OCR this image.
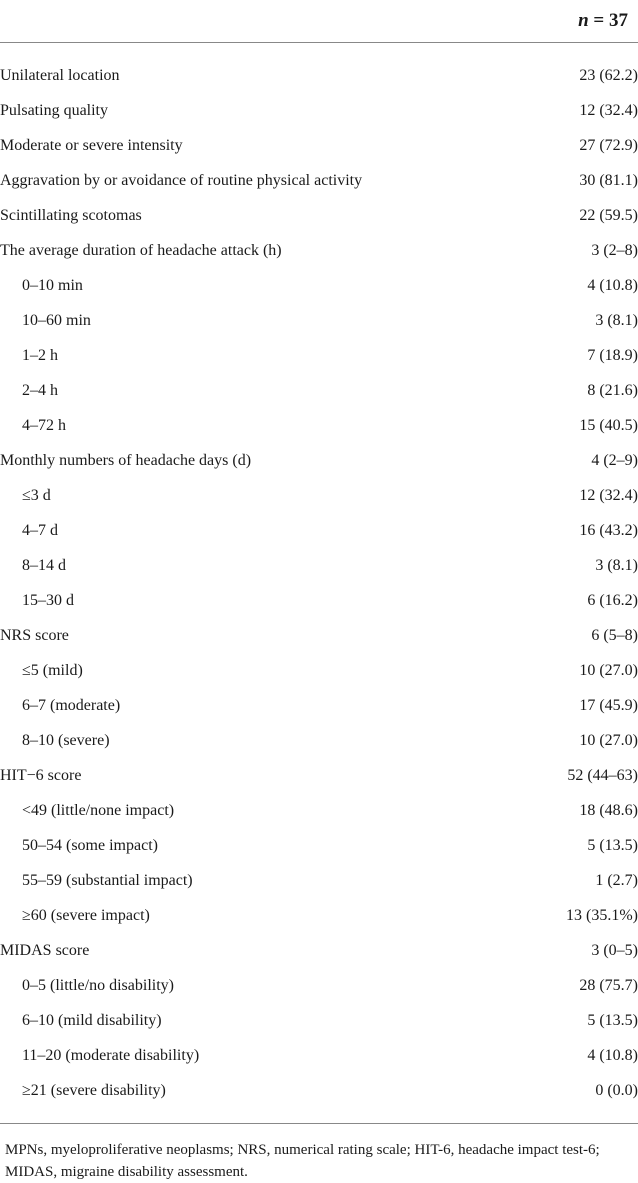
n = 37
Unilateral location	23 (62.2)
Pulsating quality	12 (32.4)
Moderate or severe intensity	27 (72.9)
Aggravation by or avoidance of routine physical activity	30 (81.1)
Scintillating scotomas	22 (59.5)
The average duration of headache attack (h)	3 (2–8)
0–10 min	4 (10.8)
10–60 min	3 (8.1)
1–2 h	7 (18.9)
2–4 h	8 (21.6)
4–72 h	15 (40.5)
Monthly numbers of headache days (d)	4 (2–9)
≤3 d	12 (32.4)
4–7 d	16 (43.2)
8–14 d	3 (8.1)
15–30 d	6 (16.2)
NRS score	6 (5–8)
≤5 (mild)	10 (27.0)
6–7 (moderate)	17 (45.9)
8–10 (severe)	10 (27.0)
HIT−6 score	52 (44–63)
<49 (little/none impact)	18 (48.6)
50–54 (some impact)	5 (13.5)
55–59 (substantial impact)	1 (2.7)
≥60 (severe impact)	13 (35.1%)
MIDAS score	3 (0–5)
0–5 (little/no disability)	28 (75.7)
6–10 (mild disability)	5 (13.5)
11–20 (moderate disability)	4 (10.8)
≥21 (severe disability)	0 (0.0)
MPNs, myeloproliferative neoplasms; NRS, numerical rating scale; HIT-6, headache impact test-6; MIDAS, migraine disability assessment.
